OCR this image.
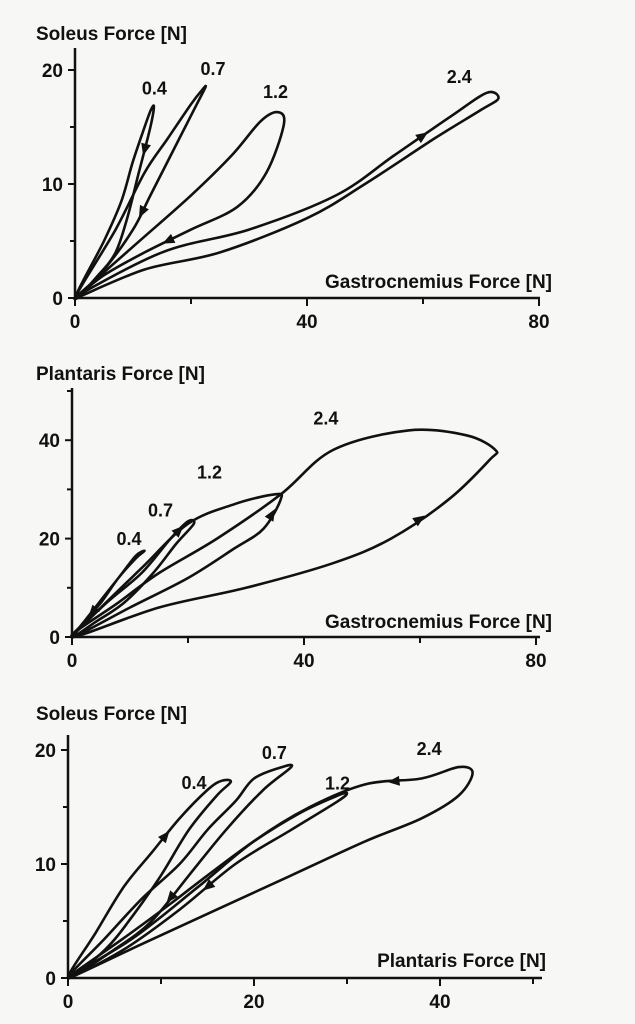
0
10
20
0	40	80
Soleus Force [N]
Gastrocnemius Force [N]
0.4
0.7
1.2
2.4
0
20
40
0	40	80
Plantaris Force [N]
Gastrocnemius Force [N]
0.4
0.7
1.2
2.4
0
10
20
0	20	40
Soleus Force [N]
Plantaris Force [N]
0.4
0.7
1.2
2.4
